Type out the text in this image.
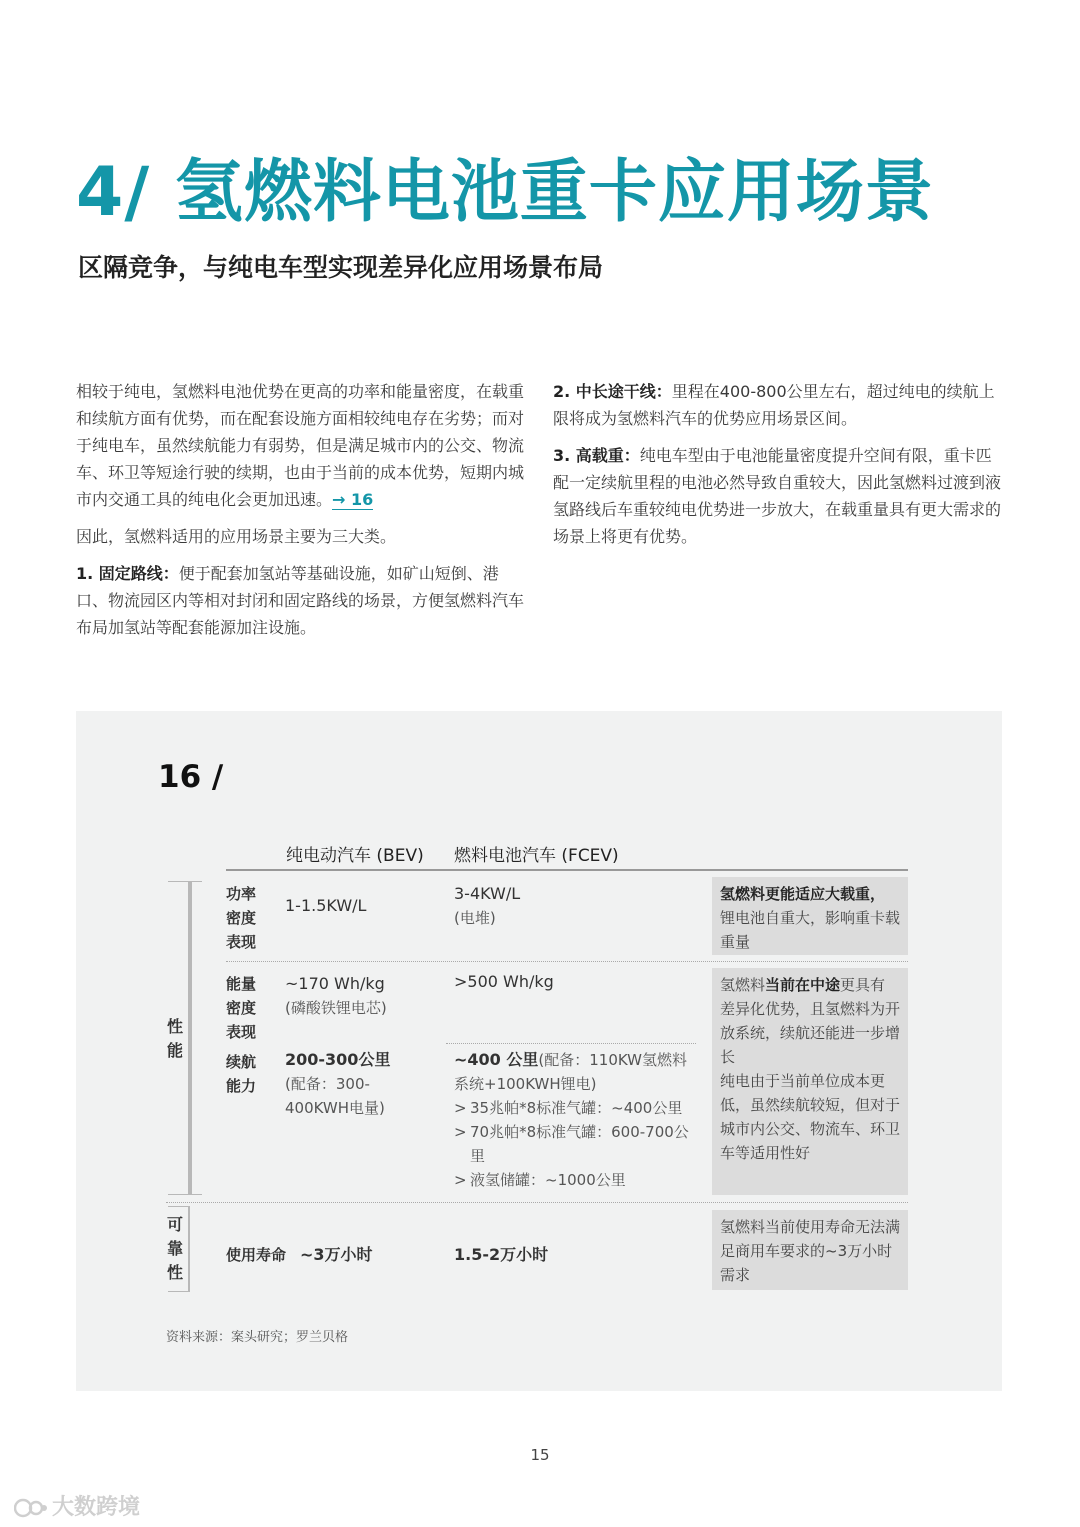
4/ 氢燃料电池重卡应用场景
区隔竞争，与纯电车型实现差异化应用场景布局

相较于纯电，氢燃料电池优势在更高的功率和能量密度，在载重和续航方面有优势，而在配套设施方面相较纯电存在劣势；而对于纯电车，虽然续航能力有弱势，但是满足城市内的公交、物流车、环卫等短途行驶的续期，也由于当前的成本优势，短期内城市内交通工具的纯电化会更加迅速。→ 16

因此，氢燃料适用的应用场景主要为三大类。

1. 固定路线：便于配套加氢站等基础设施，如矿山短倒、港口、物流园区内等相对封闭和固定路线的场景，方便氢燃料汽车布局加氢站等配套能源加注设施。

2. 中长途干线：里程在400-800公里左右，超过纯电的续航上限将成为氢燃料汽车的优势应用场景区间。

3. 高载重：纯电车型由于电池能量密度提升空间有限，重卡匹配一定续航里程的电池必然导致自重较大，因此氢燃料过渡到液氢路线后车重较纯电优势进一步放大，在载重量具有更大需求的场景上将更有优势。

16 /
纯电动汽车 (BEV) 燃料电池汽车 (FCEV)
性能
可靠性
功率密度表现
1-1.5KW/L
3-4KW/L
(电堆)
能量密度表现
~170 Wh/kg
(磷酸铁锂电芯)
>500 Wh/kg
续航能力
200-300公里
(配备：300-400KWH电量)
~400 公里(配备：110KW氢燃料系统+100KWH锂电)
> 35兆帕*8标准气罐：~400公里
> 70兆帕*8标准气罐：600-700公里
> 液氢储罐：~1000公里
使用寿命 ~3万小时	1.5-2万小时
氢燃料更能适应大载重，锂电池自重大，影响重卡载重量
氢燃料当前在中途更具有差异化优势，且氢燃料为开放系统，续航还能进一步增长
纯电由于当前单位成本更低，虽然续航较短，但对于城市内公交、物流车、环卫车等适用性好
氢燃料当前使用寿命无法满足商用车要求的~3万小时需求
资料来源：案头研究；罗兰贝格
15
大数跨境
